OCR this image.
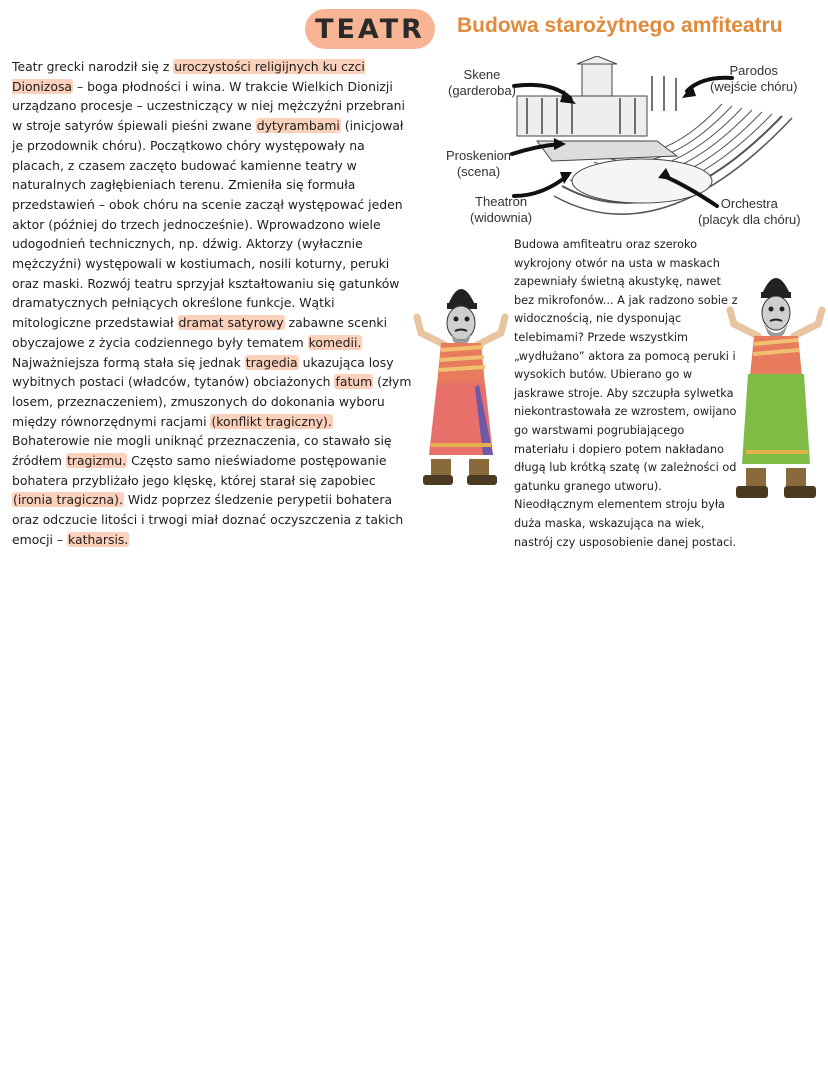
TEATR Budowa starożytnego amfiteatru
Teatr grecki narodził się z uroczystości religijnych ku czci Dionizosa – boga płodności i wina. W trakcie Wielkich Dionizji urządzano procesje – uczestniczący w niej mężczyźni przebrani w stroje satyrów śpiewali pieśni zwane dytyrambami (inicjował je przodownik chóru). Początkowo chóry występowały na placach, z czasem zaczęto budować kamienne teatry w naturalnych zagłębieniach terenu. Zmieniła się formuła przedstawień – obok chóru na scenie zaczął występować jeden aktor (później do trzech jednocześnie). Wprowadzono wiele udogodnień technicznych, np. dźwig. Aktorzy (wyłacznie mężczyźni) występowali w kostiumach, nosili koturny, peruki oraz maski. Rozwój teatru sprzyjał kształtowaniu się gatunków dramatycznych pełniących określone funkcje. Wątki mitologiczne przedstawiał dramat satyrowy zabawne scenki obyczajowe z życia codziennego były tematem komedii. Najważniejsza formą stała się jednak tragedia ukazująca losy wybitnych postaci (władców, tytanów) obciażonych fatum (złym losem, przeznaczeniem), zmuszonych do dokonania wyboru między równorzędnymi racjami (konflikt tragiczny). Bohaterowie nie mogli uniknąć przeznaczenia, co stawało się źródłem tragizmu. Często samo nieświadome postępowanie bohatera przybliżało jego klęskę, której starał się zapobiec (ironia tragiczna). Widz poprzez śledzenie perypetii bohatera oraz odczucie litości i trwogi miał doznać oczyszczenia z takich emocji – katharsis.
Skene
(garderoba)
Parodos
(wejście chóru)
Proskenion
(scena)
Theatron
(widownia)
Orchestra
(placyk dla chóru)
Budowa amfiteatru oraz szeroko wykrojony otwór na usta w maskach zapewniały świetną akustykę, nawet bez mikrofonów... A jak radzono sobie z widocznością, nie dysponując telebimami? Przede wszystkim „wydłużano” aktora za pomocą peruki i wysokich butów. Ubierano go w jaskrawe stroje. Aby szczupła sylwetka niekontrastowała ze wzrostem, owijano go warstwami pogrubiającego materiału i dopiero potem nakładano długą lub krótką szatę (w zależności od gatunku granego utworu). Nieodłącznym elementem stroju była duża maska, wskazująca na wiek, nastrój czy usposobienie danej postaci.
